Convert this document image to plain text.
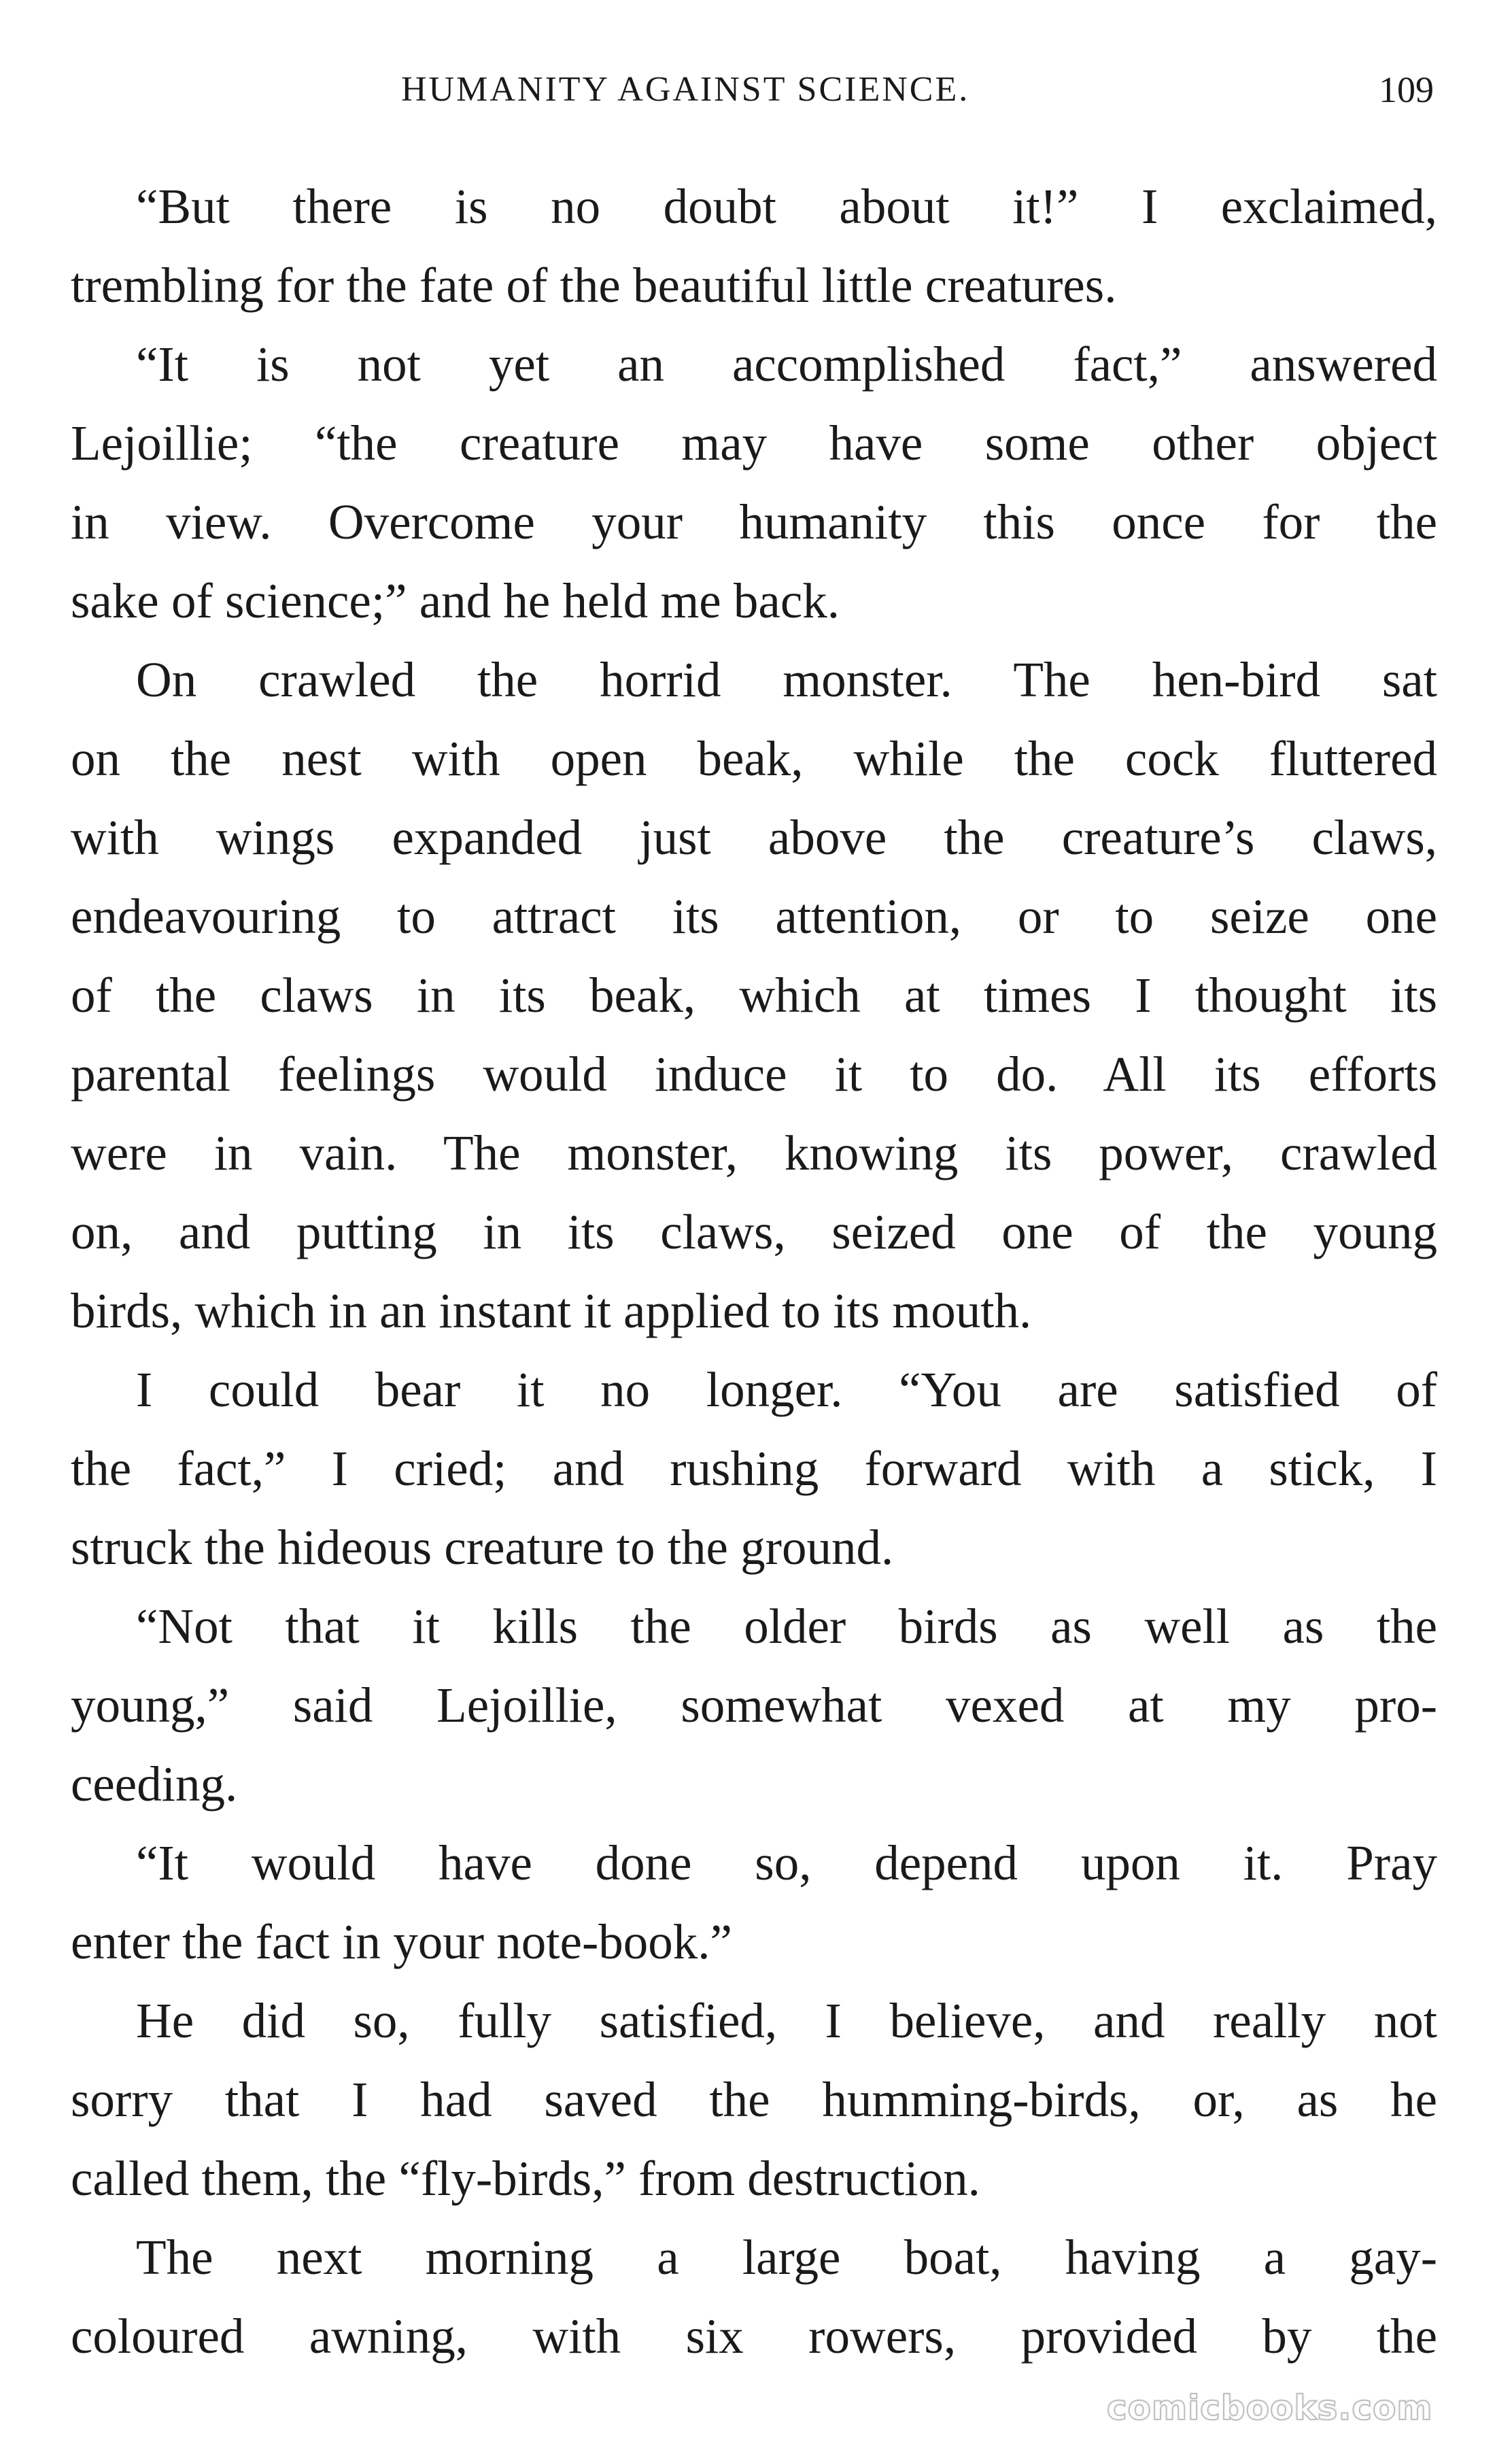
HUMANITY AGAINST SCIENCE.	109
“But there is no doubt about it!” I exclaimed,
trembling for the fate of the beautiful little creatures.
“It is not yet an accomplished fact,” answered
Lejoillie; “the creature may have some other object
in view. Overcome your humanity this once for the
sake of science;” and he held me back.
On crawled the horrid monster. The hen-bird sat
on the nest with open beak, while the cock fluttered
with wings expanded just above the creature’s claws,
endeavouring to attract its attention, or to seize one
of the claws in its beak, which at times I thought its
parental feelings would induce it to do. All its efforts
were in vain. The monster, knowing its power, crawled
on, and putting in its claws, seized one of the young
birds, which in an instant it applied to its mouth.
I could bear it no longer. “You are satisfied of
the fact,” I cried; and rushing forward with a stick, I
struck the hideous creature to the ground.
“Not that it kills the older birds as well as the
young,” said Lejoillie, somewhat vexed at my pro-
ceeding.
“It would have done so, depend upon it. Pray
enter the fact in your note-book.”
He did so, fully satisfied, I believe, and really not
sorry that I had saved the humming-birds, or, as he
called them, the “fly-birds,” from destruction.
The next morning a large boat, having a gay-
coloured awning, with six rowers, provided by the
comicbooks.com
